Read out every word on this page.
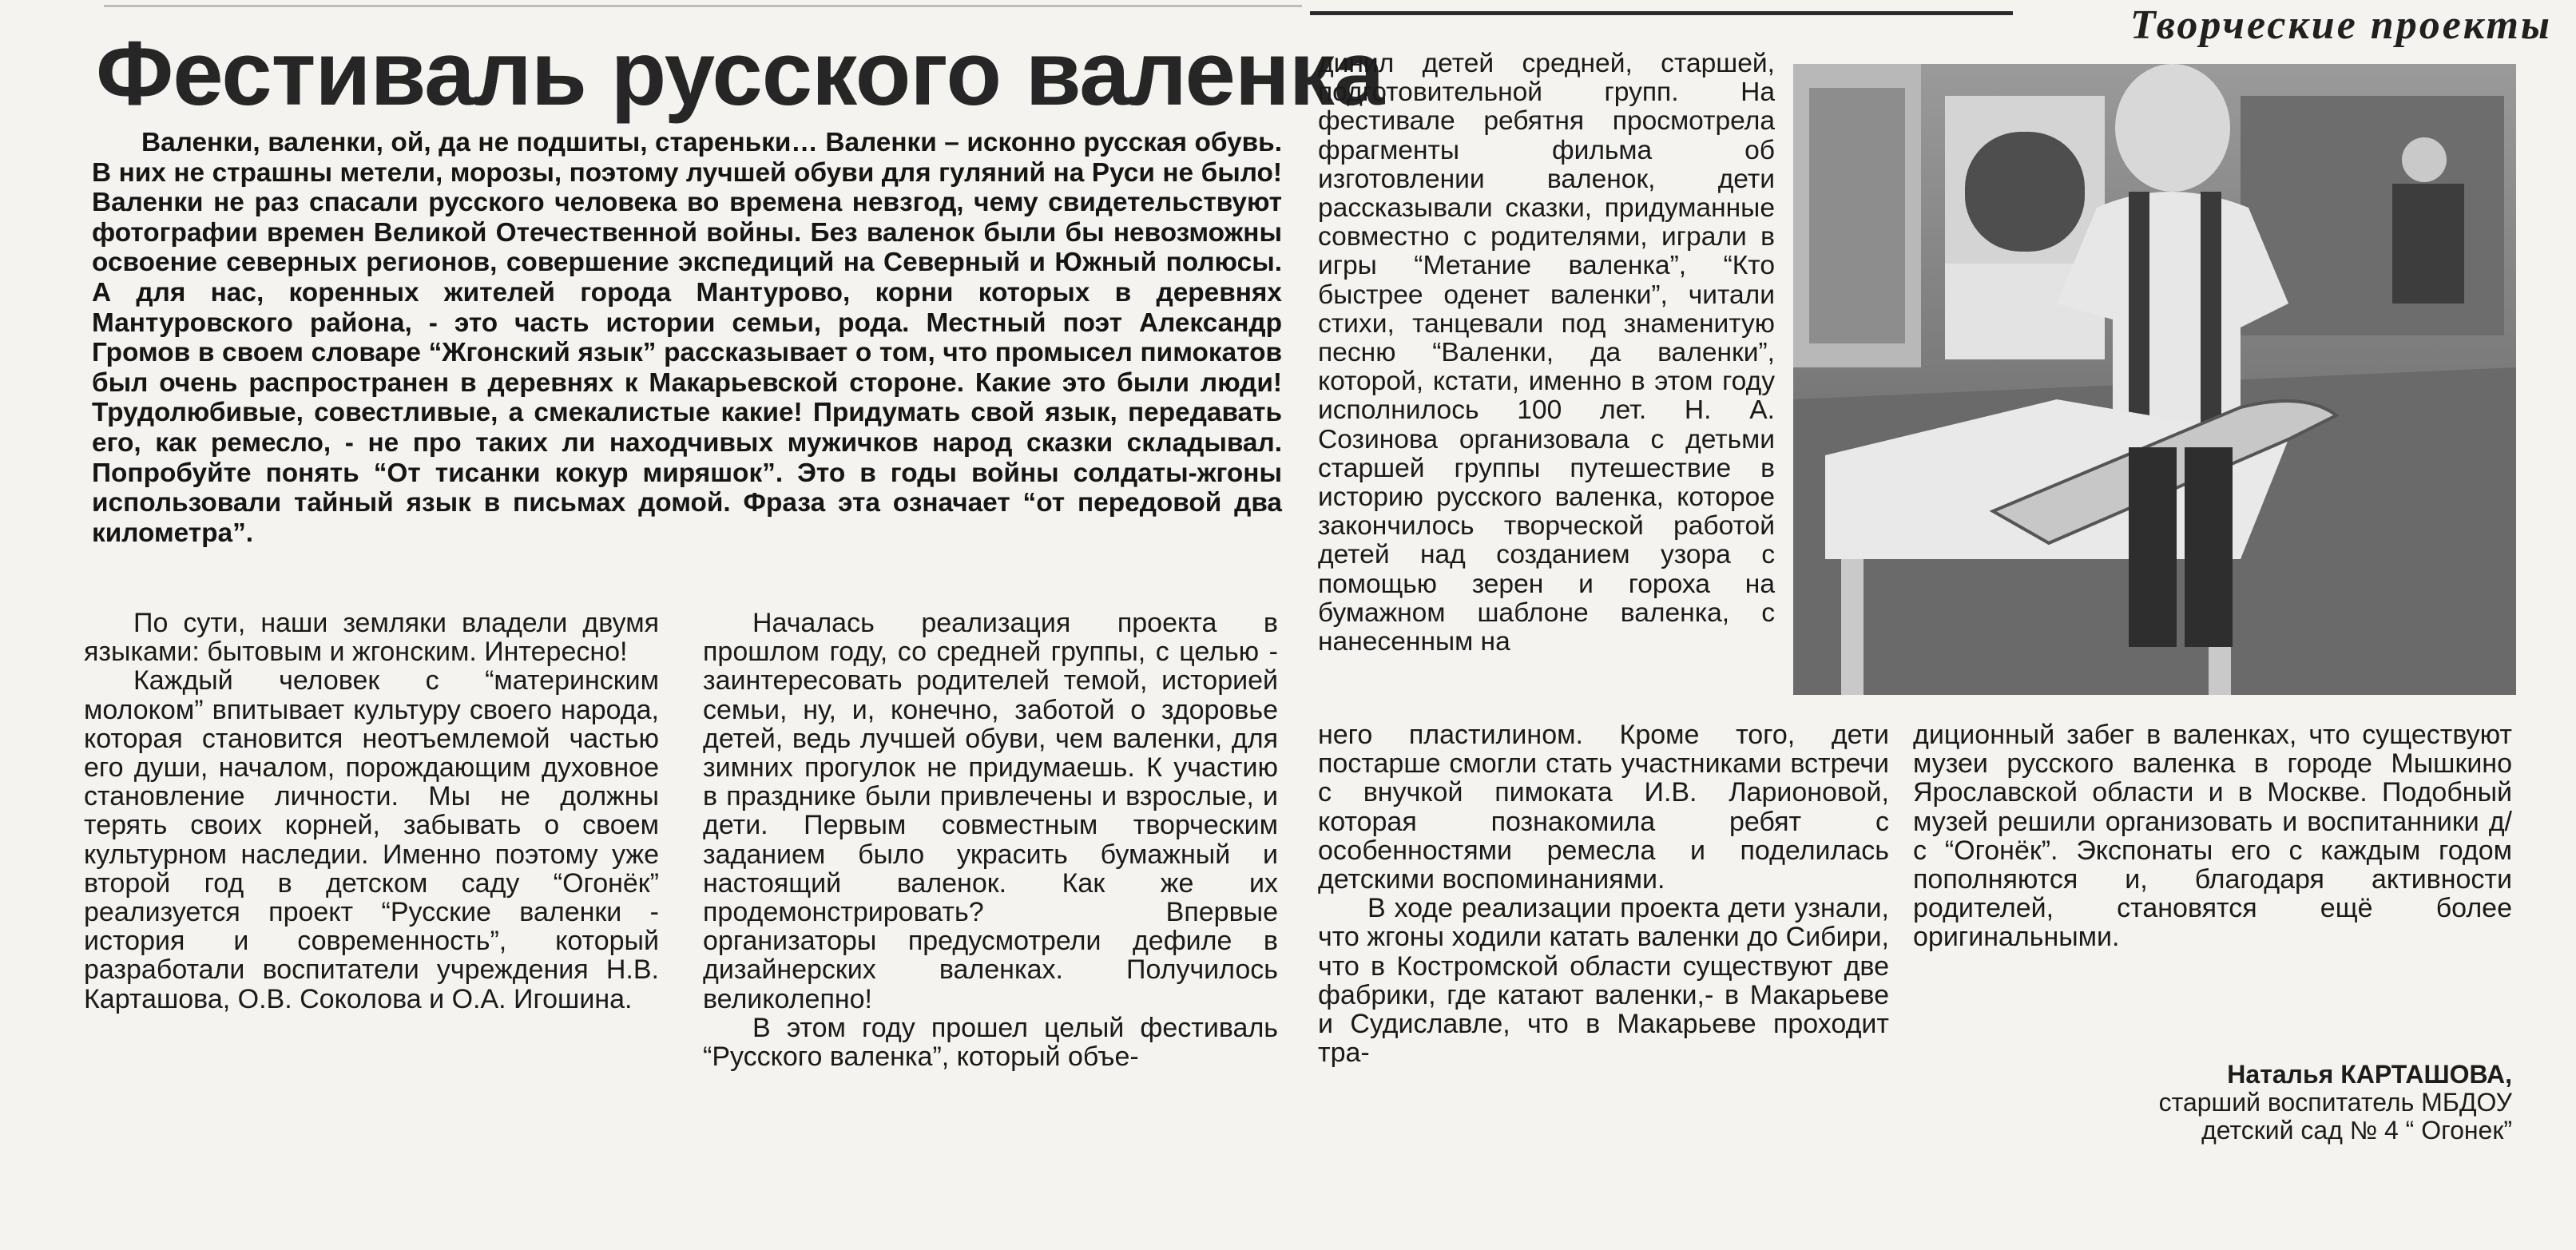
Творческие проекты
Фестиваль русского валенка

Валенки, валенки, ой, да не подшиты, стареньки… Валенки – исконно русская обувь. В них не страшны метели, морозы, поэтому лучшей обуви для гуляний на Руси не было! Валенки не раз спасали русского человека во времена невзгод, чему свидетельствуют фотографии времен Великой Отечественной войны. Без валенок были бы невозможны освоение северных регионов, совершение экспедиций на Северный и Южный полюсы. А для нас, коренных жителей города Мантурово, корни которых в деревнях Мантуровского района, - это часть истории семьи, рода. Местный поэт Александр Громов в своем словаре “Жгонский язык” рассказывает о том, что промысел пимокатов был очень распространен в деревнях к Макарьевской стороне. Какие это были люди! Трудолюбивые, совестливые, а смекалистые какие! Придумать свой язык, передавать его, как ремесло, - не про таких ли находчивых мужичков народ сказки складывал. Попробуйте понять “От тисанки кокур миряшок”. Это в годы войны солдаты-жгоны использовали тайный язык в письмах домой. Фраза эта означает “от передовой два километра”.

По сути, наши земляки владели двумя языками: бытовым и жгонским. Интересно!

Каждый человек с “материнским молоком” впитывает культуру своего народа, которая становится неотъемлемой частью его души, началом, порождающим духовное становление личности. Мы не должны терять своих корней, забывать о своем культурном наследии. Именно поэтому уже второй год в детском саду “Огонёк” реализуется проект “Русские валенки - история и современность”, который разработали воспитатели учреждения Н.В. Карташова, О.В. Соколова и О.А. Игошина.

Началась реализация проекта в прошлом году, со средней группы, с целью - заинтересовать родителей темой, историей семьи, ну, и, конечно, заботой о здоровье детей, ведь лучшей обуви, чем валенки, для зимних прогулок не придумаешь. К участию в празднике были привлечены и взрослые, и дети. Первым совместным творческим заданием было украсить бумажный и настоящий валенок. Как же их продемонстрировать? Впервые организаторы предусмотрели дефиле в дизайнерских валенках. Получилось великолепно!

В этом году прошел целый фестиваль “Русского валенка”, который объе-

динил детей средней, старшей, подготовительной групп. На фестивале ребятня просмотрела фрагменты фильма об изготовлении валенок, дети рассказывали сказки, придуманные совместно с родителями, играли в игры “Метание валенка”, “Кто быстрее оденет валенки”, читали стихи, танцевали под знаменитую песню “Валенки, да валенки”, которой, кстати, именно в этом году исполнилось 100 лет. Н. А. Созинова организовала с детьми старшей группы путешествие в историю русского валенка, которое закончилось творческой работой детей над созданием узора с помощью зерен и гороха на бумажном шаблоне валенка, с нанесенным на

него пластилином. Кроме того, дети постарше смогли стать участниками встречи с внучкой пимоката И.В. Ларионовой, которая познакомила ребят с особенностями ремесла и поделилась детскими воспоминаниями.

В ходе реализации проекта дети узнали, что жгоны ходили катать валенки до Сибири, что в Костромской области существуют две фабрики, где катают валенки,- в Макарьеве и Судиславле, что в Макарьеве проходит тра-

диционный забег в валенках, что существуют музеи русского валенка в городе Мышкино Ярославской области и в Москве. Подобный музей решили организовать и воспитанники д/с “Огонёк”. Экспонаты его с каждым годом пополняются и, благодаря активности родителей, становятся ещё более оригинальными.

Наталья КАРТАШОВА,
старший воспитатель МБДОУ
детский сад № 4 “ Огонек”
